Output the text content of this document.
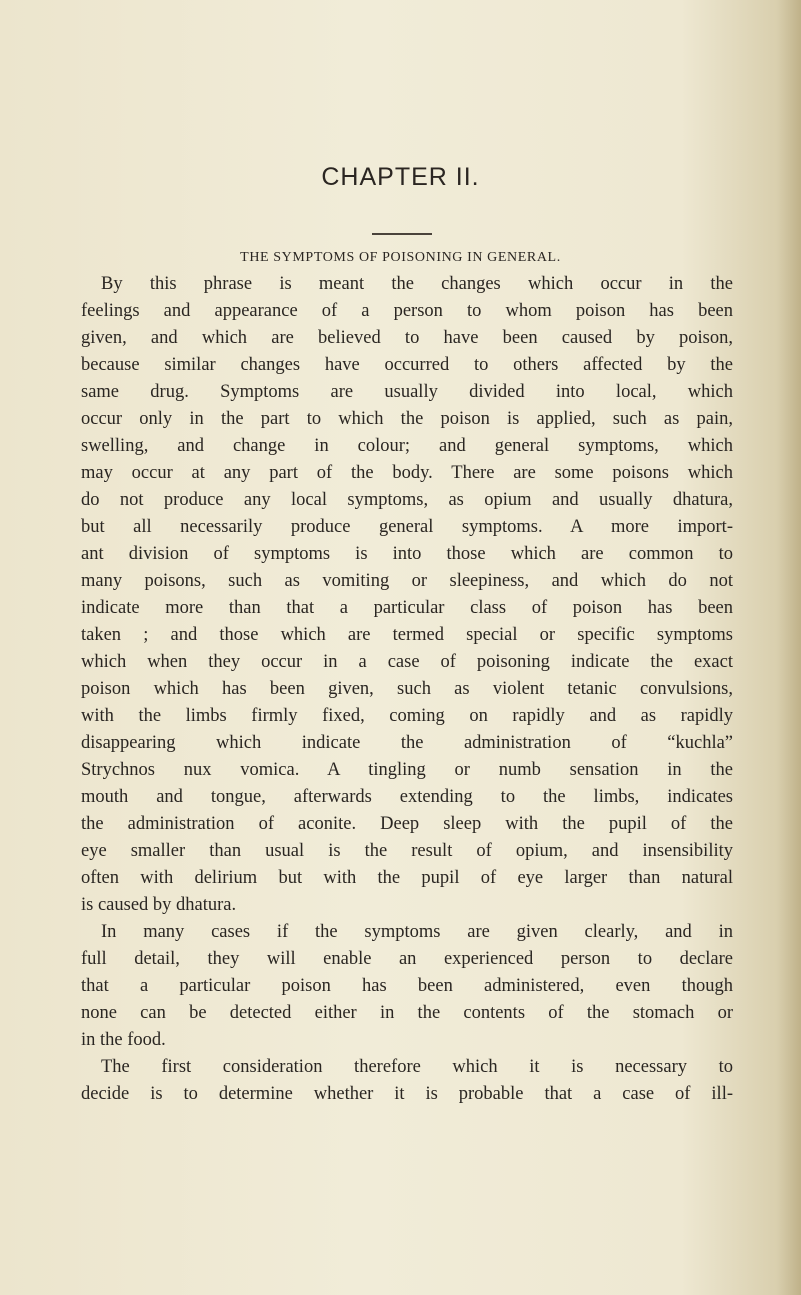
CHAPTER II.
THE SYMPTOMS OF POISONING IN GENERAL.
By this phrase is meant the changes which occur in the
feelings and appearance of a person to whom poison has been
given, and which are believed to have been caused by poison,
because similar changes have occurred to others affected by the
same drug. Symptoms are usually divided into local, which
occur only in the part to which the poison is applied, such as pain,
swelling, and change in colour; and general symptoms, which
may occur at any part of the body. There are some poisons which
do not produce any local symptoms, as opium and usually dhatura,
but all necessarily produce general symptoms. A more import-
ant division of symptoms is into those which are common to
many poisons, such as vomiting or sleepiness, and which do not
indicate more than that a particular class of poison has been
taken ; and those which are termed special or specific symptoms
which when they occur in a case of poisoning indicate the exact
poison which has been given, such as violent tetanic convulsions,
with the limbs firmly fixed, coming on rapidly and as rapidly
disappearing which indicate the administration of “kuchla”
Strychnos nux vomica. A tingling or numb sensation in the
mouth and tongue, afterwards extending to the limbs, indicates
the administration of aconite. Deep sleep with the pupil of the
eye smaller than usual is the result of opium, and insensibility
often with delirium but with the pupil of eye larger than natural
is caused by dhatura.
In many cases if the symptoms are given clearly, and in
full detail, they will enable an experienced person to declare
that a particular poison has been administered, even though
none can be detected either in the contents of the stomach or
in the food.
The first consideration therefore which it is necessary to
decide is to determine whether it is probable that a case of ill-
